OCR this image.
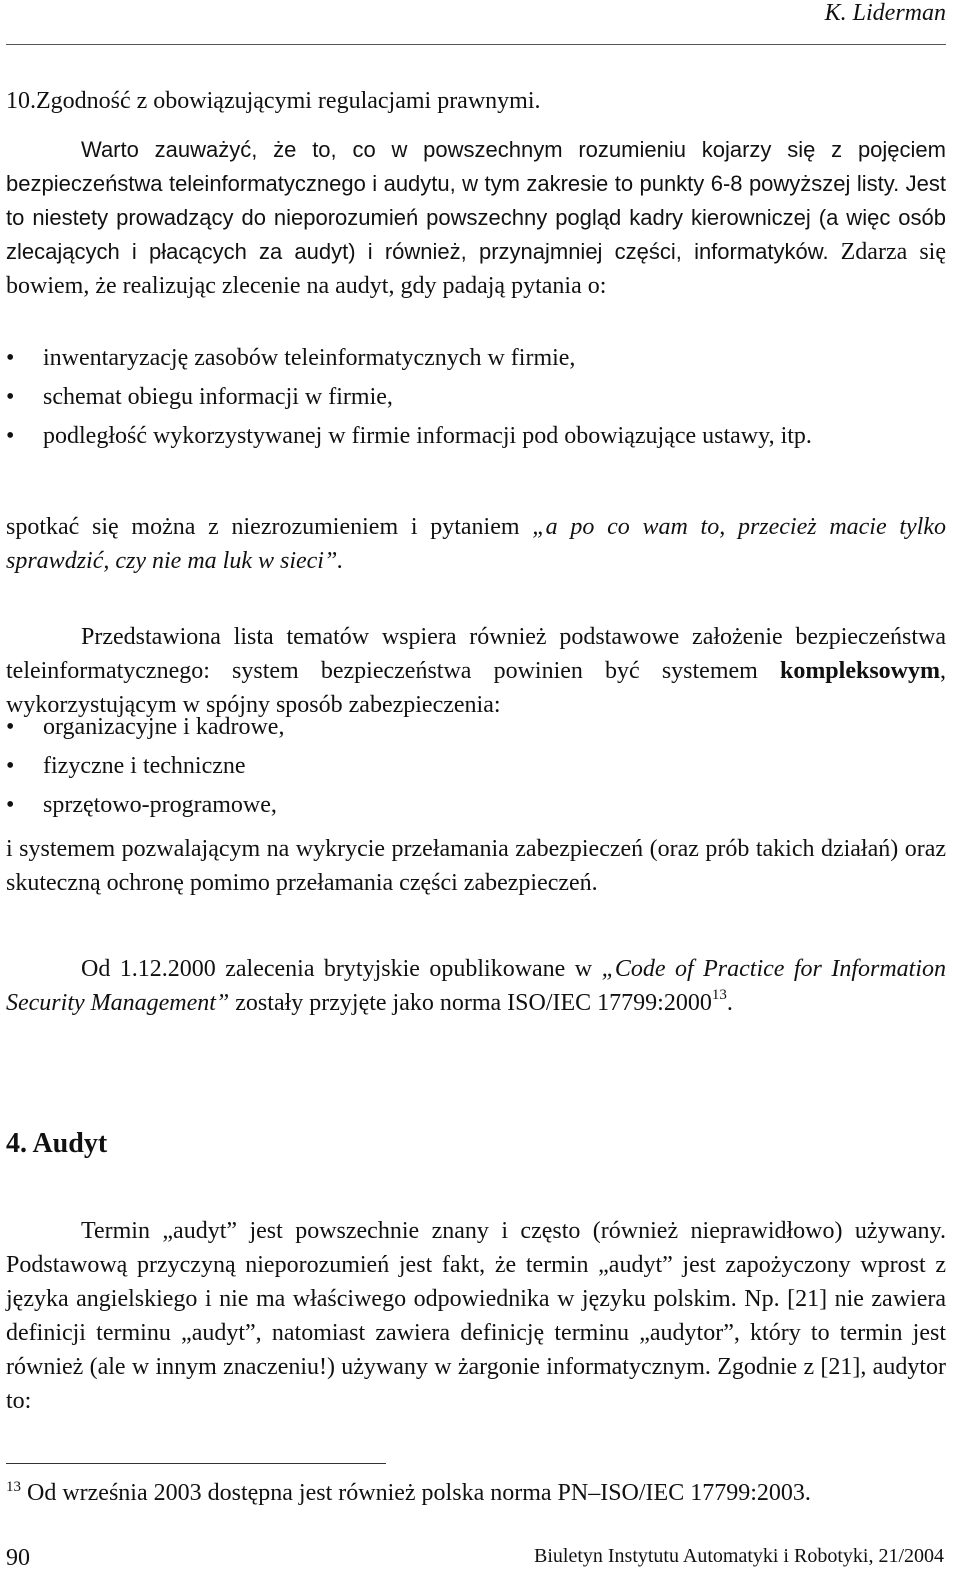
K. Liderman

10.Zgodność z obowiązującymi regulacjami prawnymi.

Warto zauważyć, że to, co w powszechnym rozumieniu kojarzy się z pojęciem bezpieczeństwa teleinformatycznego i audytu, w tym zakresie to punkty 6-8 powyższej listy. Jest to niestety prowadzący do nieporozumień powszechny pogląd kadry kierowniczej (a więc osób zlecających i płacących za audyt) i również, przynajmniej części, informatyków. Zdarza się bowiem, że realizując zlecenie na audyt, gdy padają pytania o:

• inwentaryzację zasobów teleinformatycznych w firmie,
• schemat obiegu informacji w firmie,
• podległość wykorzystywanej w firmie informacji pod obowiązujące ustawy, itp.

spotkać się można z niezrozumieniem i pytaniem „a po co wam to, przecież macie tylko sprawdzić, czy nie ma luk w sieci”.

Przedstawiona lista tematów wspiera również podstawowe założenie bezpieczeństwa teleinformatycznego: system bezpieczeństwa powinien być systemem kompleksowym, wykorzystującym w spójny sposób zabezpieczenia:

• organizacyjne i kadrowe,
• fizyczne i techniczne
• sprzętowo-programowe,

i systemem pozwalającym na wykrycie przełamania zabezpieczeń (oraz prób takich działań) oraz skuteczną ochronę pomimo przełamania części zabezpieczeń.

Od 1.12.2000 zalecenia brytyjskie opublikowane w „Code of Practice for Information Security Management” zostały przyjęte jako norma ISO/IEC 17799:2000$^{13}$.

4. Audyt

Termin „audyt” jest powszechnie znany i często (również nieprawidłowo) używany. Podstawową przyczyną nieporozumień jest fakt, że termin „audyt” jest zapożyczony wprost z języka angielskiego i nie ma właściwego odpowiednika w języku polskim. Np. [21] nie zawiera definicji terminu „audyt”, natomiast zawiera definicję terminu „audytor”, który to termin jest również (ale w innym znaczeniu!) używany w żargonie informatycznym. Zgodnie z [21], audytor to:

$^{13}$ Od września 2003 dostępna jest również polska norma PN–ISO/IEC 17799:2003.
90	Biuletyn Instytutu Automatyki i Robotyki, 21/2004
